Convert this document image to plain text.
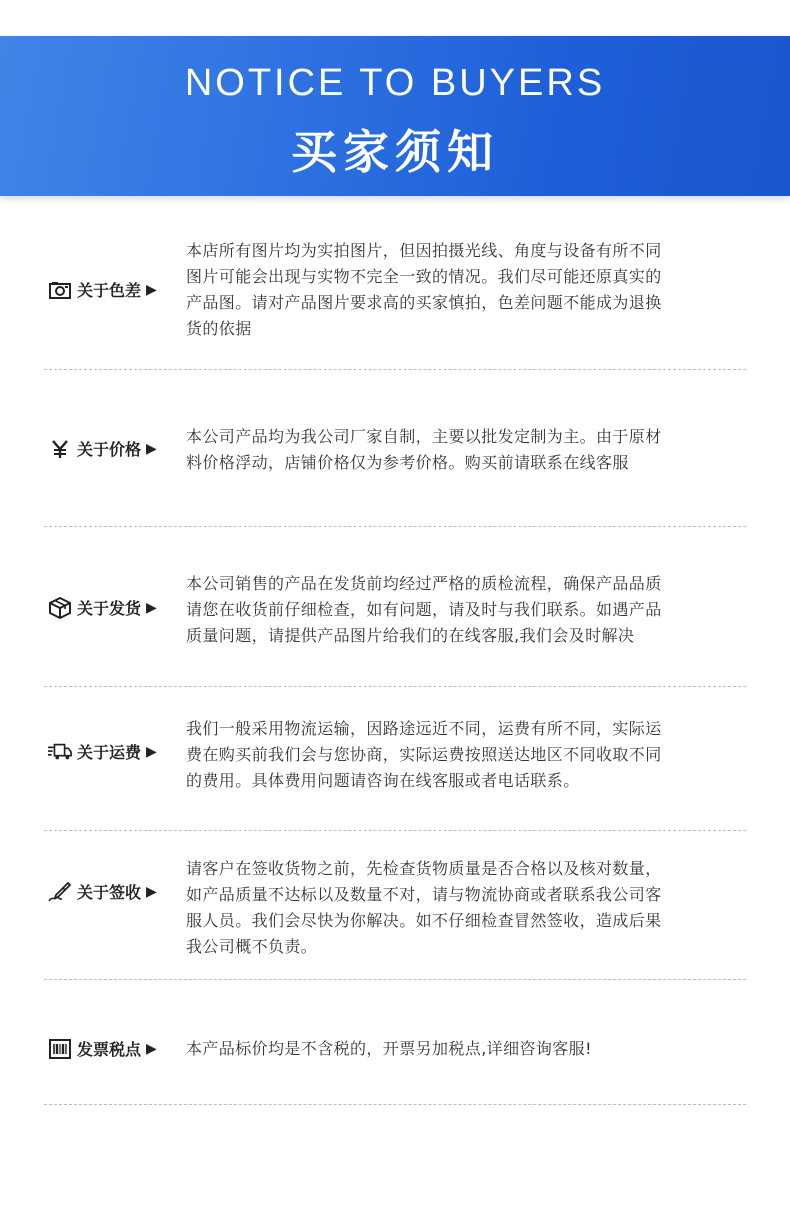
NOTICE TO BUYERS
买家须知
关于色差 ▶

本店所有图片均为实拍图片，但因拍摄光线、角度与设备有所不同

图片可能会出现与实物不完全一致的情况。我们尽可能还原真实的

产品图。请对产品图片要求高的买家慎拍，色差问题不能成为退换

货的依据

关于价格 ▶

本公司产品均为我公司厂家自制，主要以批发定制为主。由于原材

料价格浮动，店铺价格仅为参考价格。购买前请联系在线客服

关于发货 ▶

本公司销售的产品在发货前均经过严格的质检流程，确保产品品质

请您在收货前仔细检查，如有问题，请及时与我们联系。如遇产品

质量问题，请提供产品图片给我们的在线客服,我们会及时解决

关于运费 ▶

我们一般采用物流运输，因路途远近不同，运费有所不同，实际运

费在购买前我们会与您协商，实际运费按照送达地区不同收取不同

的费用。具体费用问题请咨询在线客服或者电话联系。

关于签收 ▶

请客户在签收货物之前，先检查货物质量是否合格以及核对数量，

如产品质量不达标以及数量不对，请与物流协商或者联系我公司客

服人员。我们会尽快为你解决。如不仔细检查冒然签收，造成后果

我公司概不负责。

发票税点 ▶ 本产品标价均是不含税的，开票另加税点,详细咨询客服!
